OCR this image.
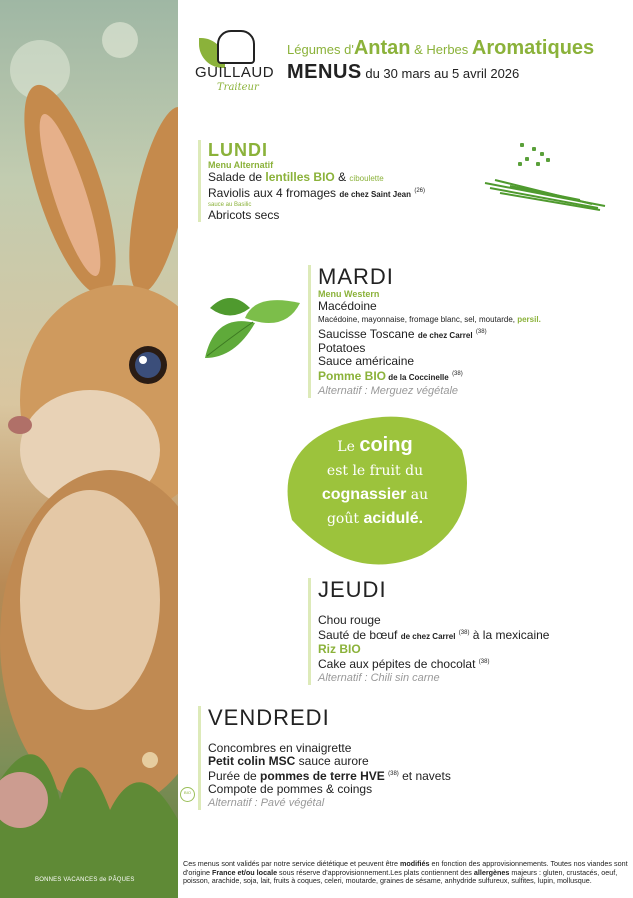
BONNES VACANCES de PÂQUES
GUILLAUD
Traiteur
Légumes d'Antan & Herbes Aromatiques
MENUS du 30 mars au 5 avril 2026
LUNDI
Menu Alternatif
Salade de lentilles BIO & ciboulette
Raviolis aux 4 fromages de chez Saint Jean $^{(26)}$
sauce au Basilic
Abricots secs
MARDI
Menu Western
Macédoine
Macédoine, mayonnaise, fromage blanc, sel, moutarde, persil.
Saucisse Toscane de chez Carrel $^{(38)}$
Potatoes
Sauce américaine
Pomme BIO de la Coccinelle $^{(38)}$
Alternatif : Merguez végétale
Le coing
est le fruit du
cognassier au
goût acidulé.
JEUDI
Chou rouge
Sauté de bœuf de chez Carrel $^{(38)}$ à la mexicaine
Riz BIO
Cake aux pépites de chocolat $^{(38)}$
Alternatif : Chili sin carne
VENDREDI
Concombres en vinaigrette
Petit colin MSC sauce aurore
Purée de pommes de terre HVE $^{(38)}$ et navets
Compote de pommes & coings
Alternatif : Pavé végétal
BIO
Ces menus sont validés par notre service diététique et peuvent être modifiés en fonction des approvisionnements. Toutes nos viandes sont d'origine France et/ou locale sous réserve d'approvisionnement.Les plats contiennent des allergènes majeurs : gluten, crustacés, oeuf, poisson, arachide, soja, lait, fruits à coques, celeri, moutarde, graines de sésame, anhydride sulfureux, sulfites, lupin, mollusque.
